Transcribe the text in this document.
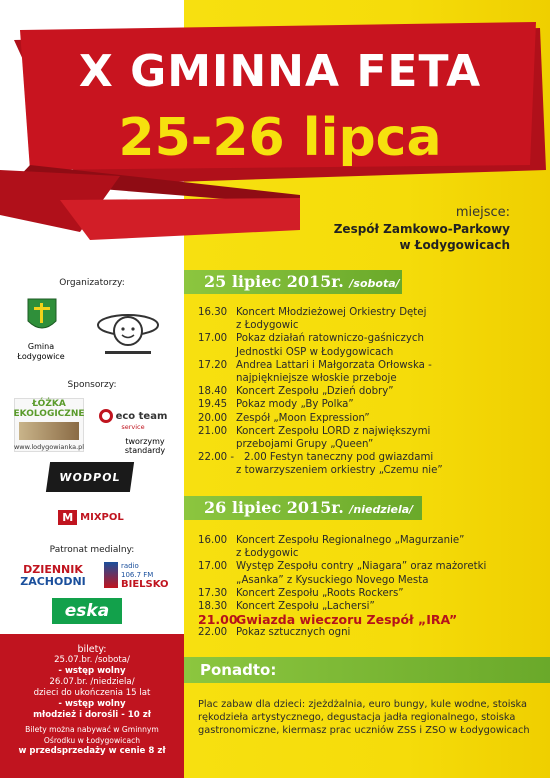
X GMINNA FETA
25-26 lipca
miejsce:
Zespół Zamkowo-Parkowy
w Łodygowicach
Organizatorzy:
Gmina
Łodygowice
Sponsorzy:
ŁÓŻKA EKOLOGICZNE
www.lodygowianka.pl
eco team
service
tworzymy standardy
WODPOL
M MIXPOL
Patronat medialny:
DZIENNIK
ZACHODNI
radio
106.7 FM
BIELSKO
eska
25 lipiec 2015r. /sobota/
16.30 Koncert Młodzieżowej Orkiestry Dętej
z Łodygowic
17.00 Pokaz działań ratowniczo-gaśniczych
Jednostki OSP w Łodygowicach
17.20 Andrea Lattari i Małgorzata Orłowska -
najpiękniejsze włoskie przeboje
18.40 Koncert Zespołu „Dzień dobry”
19.45 Pokaz mody „By Polka”
20.00 Zespół „Moon Expression”
21.00 Koncert Zespołu LORD z największymi
przebojami Grupy „Queen”
22.00 - 2.00 Festyn taneczny pod gwiazdami
z towarzyszeniem orkiestry „Czemu nie”
26 lipiec 2015r. /niedziela/
16.00 Koncert Zespołu Regionalnego „Magurzanie”
z Łodygowic
17.00 Występ Zespołu contry „Niagara” oraz mażoretki
„Asanka” z Kysuckiego Novego Mesta
17.30 Koncert Zespołu „Roots Rockers”
18.30 Koncert Zespołu „Lachersi”
21.00
Gwiazda wieczoru Zespół „IRA”
22.00 Pokaz sztucznych ogni
bilety:
25.07.br. /sobota/
- wstęp wolny
26.07.br. /niedziela/
dzieci do ukończenia 15 lat
- wstęp wolny
młodzież i dorośli - 10 zł
Bilety można nabywać w Gminnym
Ośrodku w Łodygowicach
w przedsprzedaży w cenie 8 zł
Ponadto:
Plac zabaw dla dzieci: zjeżdżalnia, euro bungy, kule wodne, stoiska rękodzieła artystycznego, degustacja jadła regionalnego, stoiska gastronomiczne, kiermasz prac uczniów ZSS i ZSO w Łodygowicach
